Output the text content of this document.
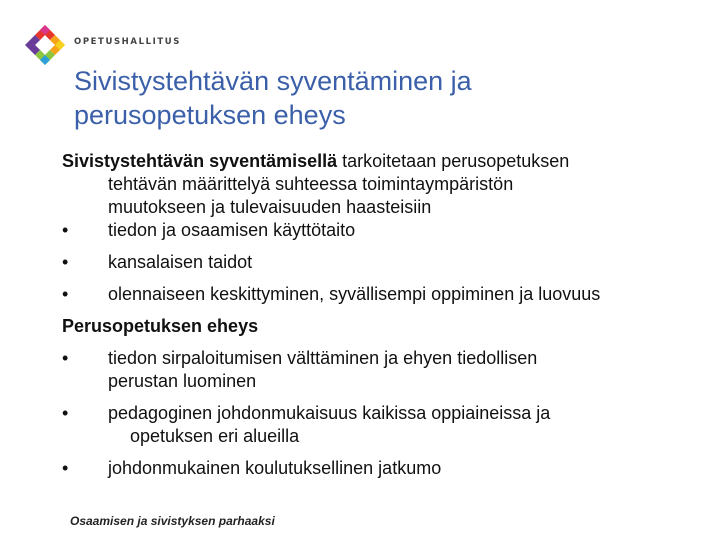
OPETUSHALLITUS
Sivistystehtävän syventäminen ja
perusopetuksen eheys

Sivistystehtävän syventämisellä tarkoitetaan perusopetuksen

tehtävän määrittelyä suhteessa toimintaympäristön

muutokseen ja tulevaisuuden haasteisiin

•	tiedon ja osaamisen käyttötaito
•	kansalaisen taidot
•	olennaiseen keskittyminen, syvällisempi oppiminen ja luovuus

Perusopetuksen eheys

•	tiedon sirpaloitumisen välttäminen ja ehyen tiedollisen

perustan luominen

•	pedagoginen johdonmukaisuus kaikissa oppiaineissa ja

opetuksen eri alueilla

•	johdonmukainen koulutuksellinen jatkumo
Osaamisen ja sivistyksen parhaaksi
